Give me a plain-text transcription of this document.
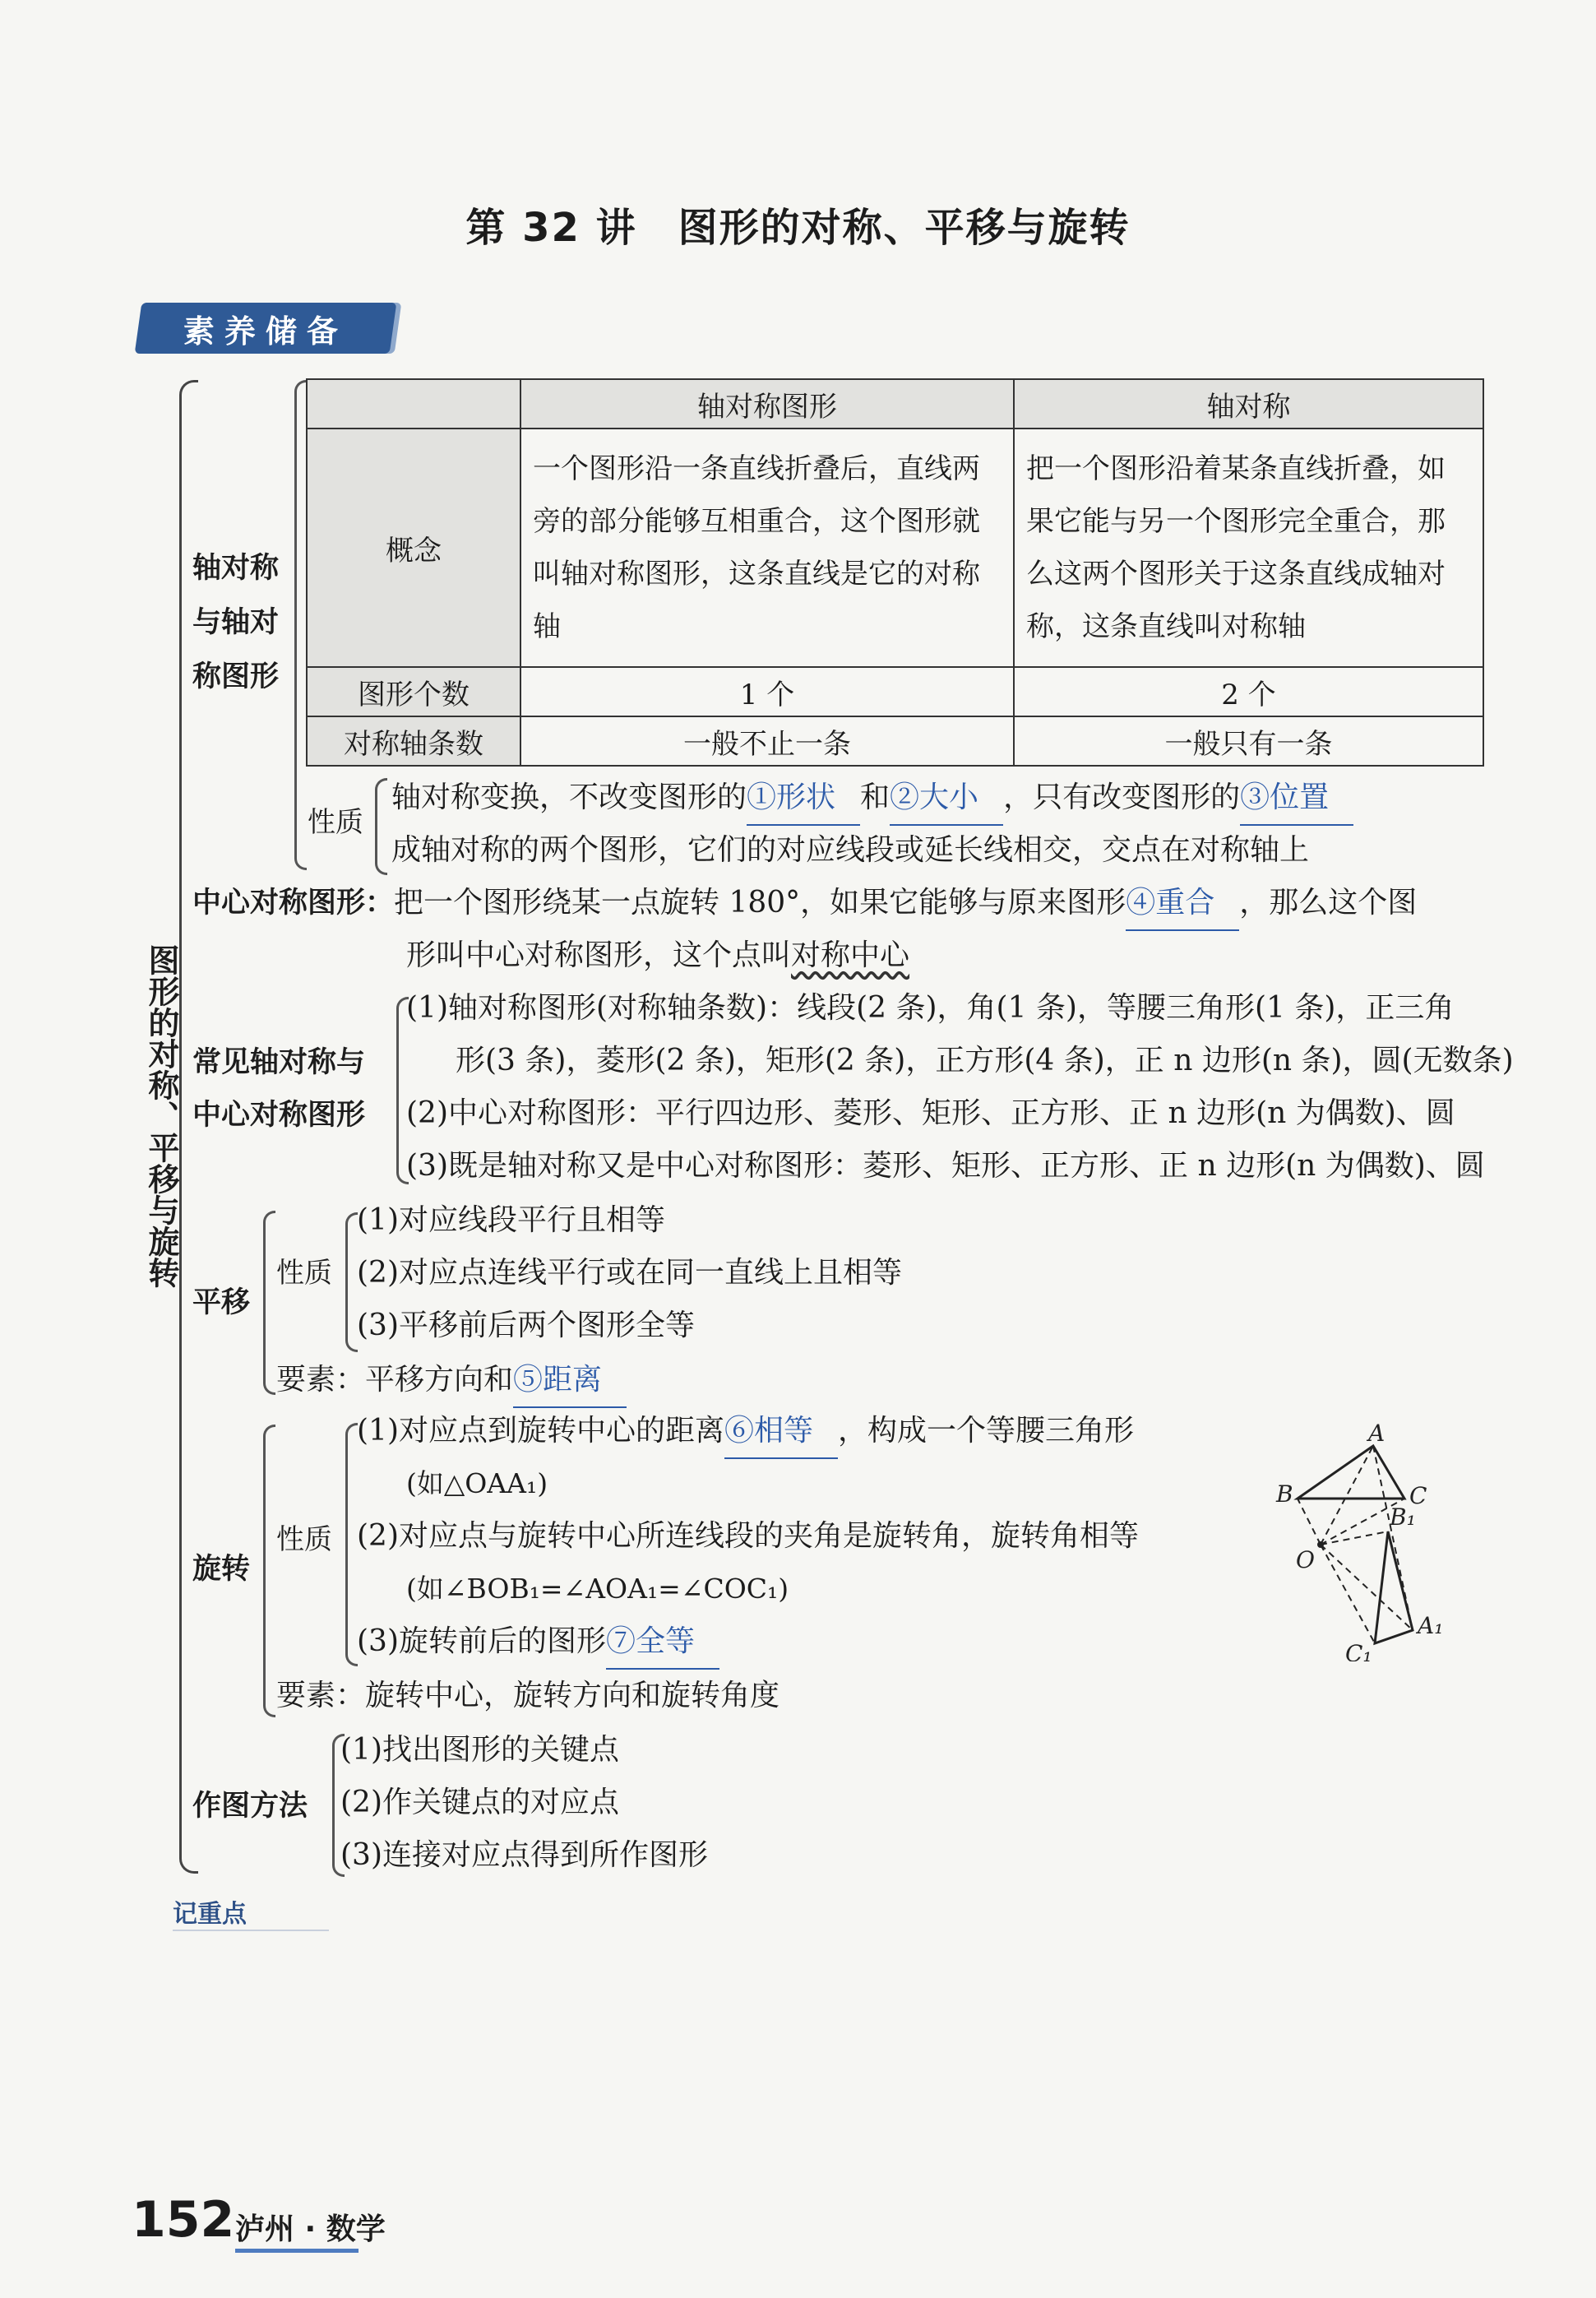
第 32 讲　图形的对称、平移与旋转
素养储备
图形的对称、平移与旋转
轴对称
与轴对
称图形
	轴对称图形	轴对称
概念	一个图形沿一条直线折叠后，直线两旁的部分能够互相重合，这个图形就叫轴对称图形，这条直线是它的对称轴	把一个图形沿着某条直线折叠，如果它能与另一个图形完全重合，那么这两个图形关于这条直线成轴对称，这条直线叫对称轴
图形个数	1 个	2 个
对称轴条数	一般不止一条	一般只有一条
性质
轴对称变换，不改变图形的①形状 和②大小 ，只有改变图形的③位置
成轴对称的两个图形，它们的对应线段或延长线相交，交点在对称轴上
中心对称图形：把一个图形绕某一点旋转 180°，如果它能够与原来图形④重合 ，那么这个图
形叫中心对称图形，这个点叫对称中心
常见轴对称与
中心对称图形
(1)轴对称图形(对称轴条数)：线段(2 条)，角(1 条)，等腰三角形(1 条)，正三角
形(3 条)，菱形(2 条)，矩形(2 条)，正方形(4 条)，正 n 边形(n 条)，圆(无数条)
(2)中心对称图形：平行四边形、菱形、矩形、正方形、正 n 边形(n 为偶数)、圆
(3)既是轴对称又是中心对称图形：菱形、矩形、正方形、正 n 边形(n 为偶数)、圆
平移
性质
(1)对应线段平行且相等
(2)对应点连线平行或在同一直线上且相等
(3)平移前后两个图形全等
要素：平移方向和⑤距离
旋转
性质
(1)对应点到旋转中心的距离⑥相等 ，构成一个等腰三角形
(如△OAA₁)
(2)对应点与旋转中心所连线段的夹角是旋转角，旋转角相等
(如∠BOB₁=∠AOA₁=∠COC₁)
(3)旋转前后的图形⑦全等
要素：旋转中心，旋转方向和旋转角度
A
B	C
O
B₁
A₁
C₁
作图方法
(1)找出图形的关键点
(2)作关键点的对应点
(3)连接对应点得到所作图形
记重点
152 泸州 · 数学
